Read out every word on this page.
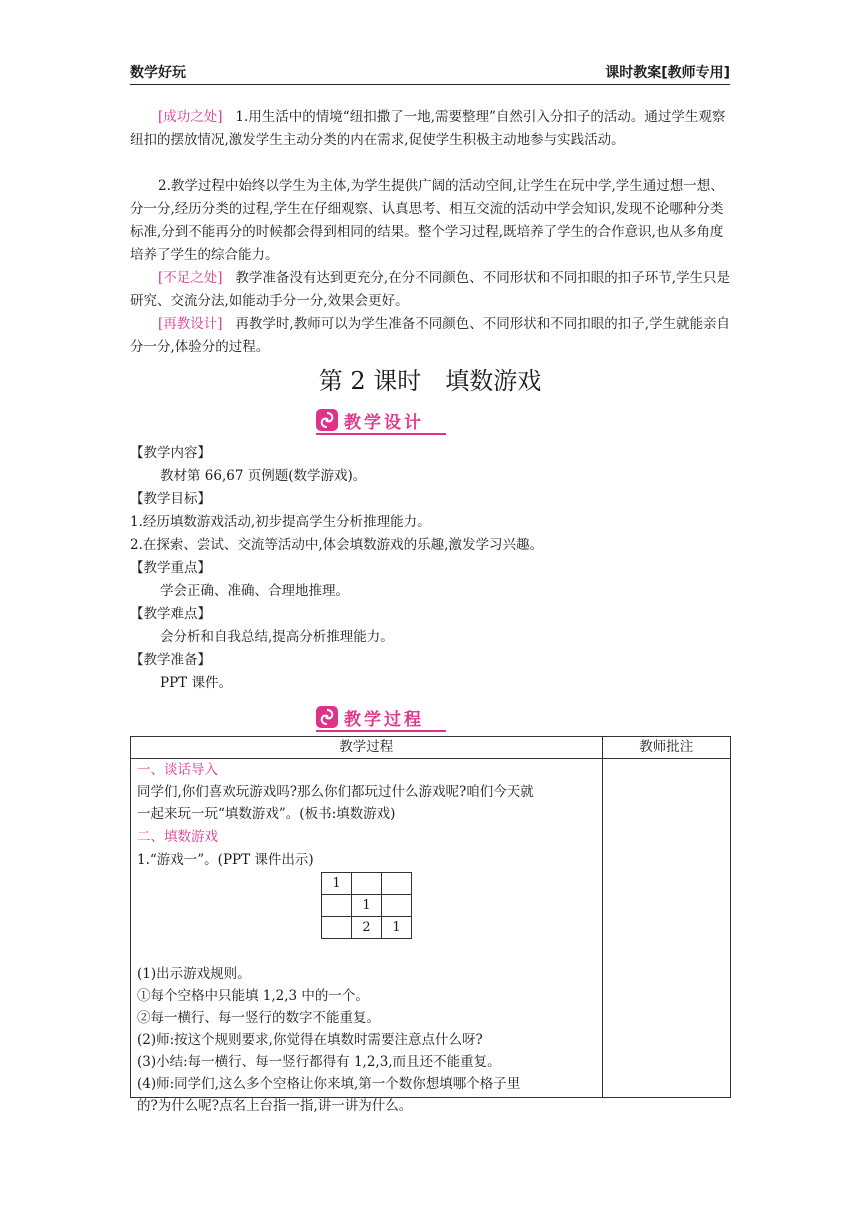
数学好玩	课时教案[教师专用]

[成功之处] 1.用生活中的情境“纽扣撒了一地,需要整理”自然引入分扣子的活动。通过学生观察纽扣的摆放情况,激发学生主动分类的内在需求,促使学生积极主动地参与实践活动。

2.教学过程中始终以学生为主体,为学生提供广阔的活动空间,让学生在玩中学,学生通过想一想、分一分,经历分类的过程,学生在仔细观察、认真思考、相互交流的活动中学会知识,发现不论哪种分类标准,分到不能再分的时候都会得到相同的结果。整个学习过程,既培养了学生的合作意识,也从多角度培养了学生的综合能力。

[不足之处] 教学准备没有达到更充分,在分不同颜色、不同形状和不同扣眼的扣子环节,学生只是研究、交流分法,如能动手分一分,效果会更好。

[再教设计] 再教学时,教师可以为学生准备不同颜色、不同形状和不同扣眼的扣子,学生就能亲自分一分,体验分的过程。

第 2 课时　填数游戏
教学设计
【教学内容】
教材第 66,67 页例题(数学游戏)。
【教学目标】
1.经历填数游戏活动,初步提高学生分析推理能力。
2.在探索、尝试、交流等活动中,体会填数游戏的乐趣,激发学习兴趣。
【教学重点】
学会正确、准确、合理地推理。
【教学难点】
会分析和自我总结,提高分析推理能力。
【教学准备】
PPT 课件。
教学过程
教学过程	教师批注

一、谈话导入
同学们,你们喜欢玩游戏吗?那么你们都玩过什么游戏呢?咱们今天就
一起来玩一玩“填数游戏”。(板书:填数游戏)
二、填数游戏
1.“游戏一”。(PPT 课件出示)
1		
	1	
	2	1
(1)出示游戏规则。
①每个空格中只能填 1,2,3 中的一个。
②每一横行、每一竖行的数字不能重复。
(2)师:按这个规则要求,你觉得在填数时需要注意点什么呀?
(3)小结:每一横行、每一竖行都得有 1,2,3,而且还不能重复。
(4)师:同学们,这么多个空格让你来填,第一个数你想填哪个格子里
的?为什么呢?点名上台指一指,讲一讲为什么。
